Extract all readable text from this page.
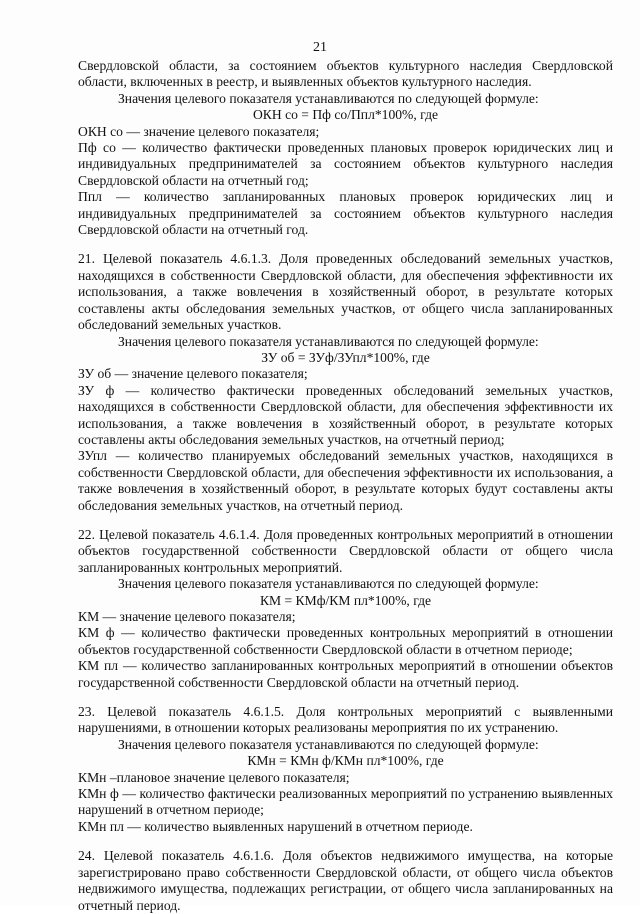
21

Свердловской области, за состоянием объектов культурного наследия Свердловской области, включенных в реестр, и выявленных объектов культурного наследия.

Значения целевого показателя устанавливаются по следующей формуле:

ОКН со = Пф со/Ппл*100%, где

ОКН со — значение целевого показателя;

Пф со — количество фактически проведенных плановых проверок юридических лиц и индивидуальных предпринимателей за состоянием объектов культурного наследия Свердловской области на отчетный год;

Ппл — количество запланированных плановых проверок юридических лиц и индивидуальных предпринимателей за состоянием объектов культурного наследия Свердловской области на отчетный год.

21. Целевой показатель 4.6.1.3. Доля проведенных обследований земельных участков, находящихся в собственности Свердловской области, для обеспечения эффективности их использования, а также вовлечения в хозяйственный оборот, в результате которых составлены акты обследования земельных участков, от общего числа запланированных обследований земельных участков.

Значения целевого показателя устанавливаются по следующей формуле:

ЗУ об = ЗУф/ЗУпл*100%, где

ЗУ об — значение целевого показателя;

ЗУ ф — количество фактически проведенных обследований земельных участков, находящихся в собственности Свердловской области, для обеспечения эффективности их использования, а также вовлечения в хозяйственный оборот, в результате которых составлены акты обследования земельных участков, на отчетный период;

ЗУпл — количество планируемых обследований земельных участков, находящихся в собственности Свердловской области, для обеспечения эффективности их использования, а также вовлечения в хозяйственный оборот, в результате которых будут составлены акты обследования земельных участков, на отчетный период.

22. Целевой показатель 4.6.1.4. Доля проведенных контрольных мероприятий в отношении объектов государственной собственности Свердловской области от общего числа запланированных контрольных мероприятий.

Значения целевого показателя устанавливаются по следующей формуле:

КМ = КМф/КМ пл*100%, где

КМ — значение целевого показателя;

КМ ф — количество фактически проведенных контрольных мероприятий в отношении объектов государственной собственности Свердловской области в отчетном периоде;

КМ пл — количество запланированных контрольных мероприятий в отношении объектов государственной собственности Свердловской области на отчетный период.

23. Целевой показатель 4.6.1.5. Доля контрольных мероприятий с выявленными нарушениями, в отношении которых реализованы мероприятия по их устранению.

Значения целевого показателя устанавливаются по следующей формуле:

КМн = КМн ф/КМн пл*100%, где

КМн –плановое значение целевого показателя;

КМн ф — количество фактически реализованных мероприятий по устранению выявленных нарушений в отчетном периоде;

КМн пл — количество выявленных нарушений в отчетном периоде.

24. Целевой показатель 4.6.1.6. Доля объектов недвижимого имущества, на которые зарегистрировано право собственности Свердловской области, от общего числа объектов недвижимого имущества, подлежащих регистрации, от общего числа запланированных на отчетный период.
